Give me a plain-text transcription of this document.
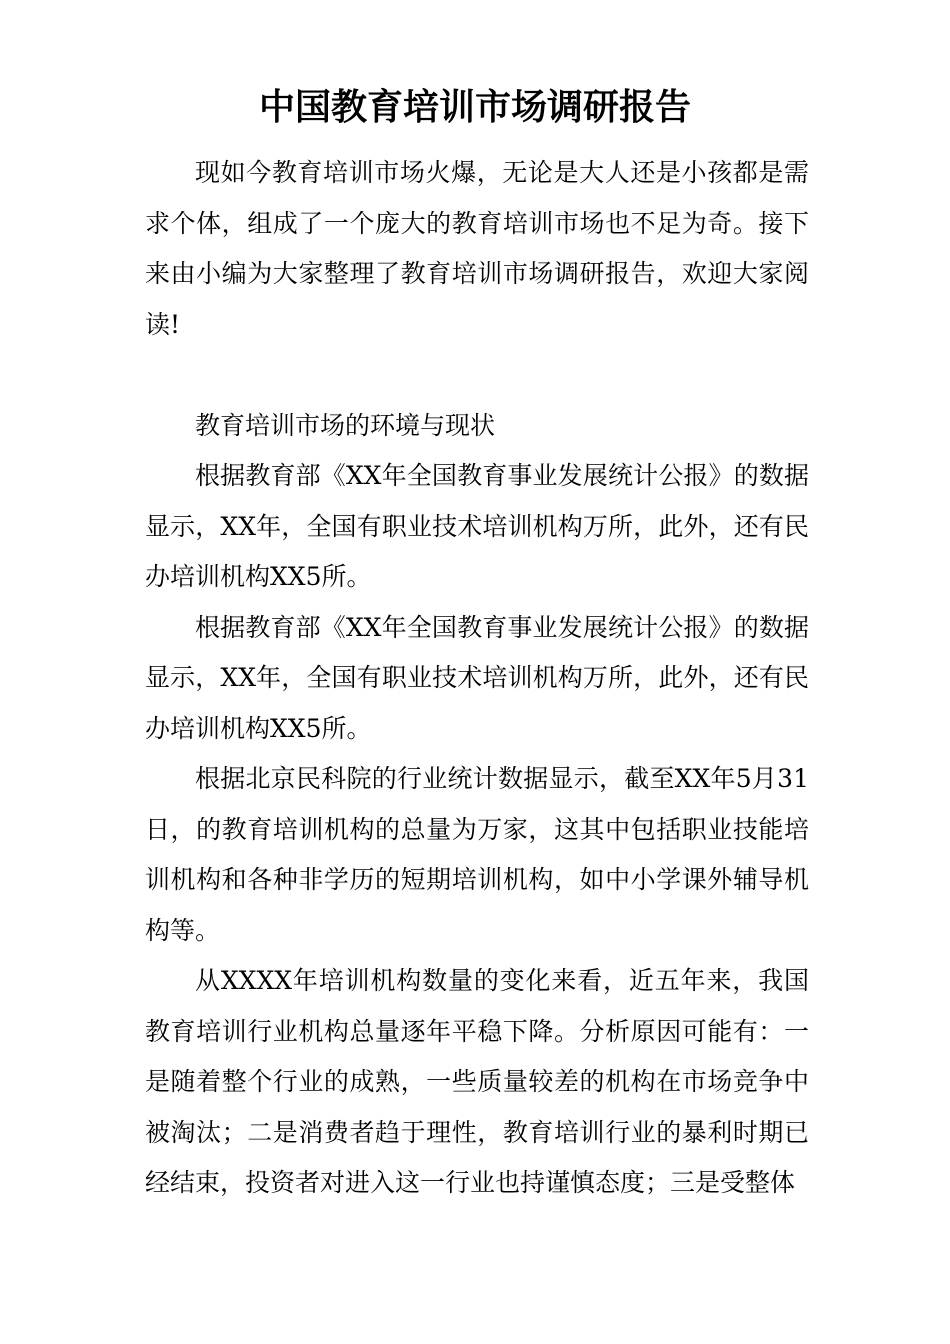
中国教育培训市场调研报告

现如今教育培训市场火爆，无论是大人还是小孩都是需求个体，组成了一个庞大的教育培训市场也不足为奇。接下来由小编为大家整理了教育培训市场调研报告，欢迎大家阅读!

教育培训市场的环境与现状

根据教育部《XX年全国教育事业发展统计公报》的数据显示，XX年，全国有职业技术培训机构万所，此外，还有民办培训机构XX5所。

根据教育部《XX年全国教育事业发展统计公报》的数据显示，XX年，全国有职业技术培训机构万所，此外，还有民办培训机构XX5所。

根据北京民科院的行业统计数据显示，截至XX年5月31日，的教育培训机构的总量为万家，这其中包括职业技能培训机构和各种非学历的短期培训机构，如中小学课外辅导机构等。

从XXXX年培训机构数量的变化来看，近五年来，我国教育培训行业机构总量逐年平稳下降。分析原因可能有：一是随着整个行业的成熟，一些质量较差的机构在市场竞争中被淘汰；二是消费者趋于理性，教育培训行业的暴利时期已经结束，投资者对进入这一行业也持谨慎态度；三是受整体
